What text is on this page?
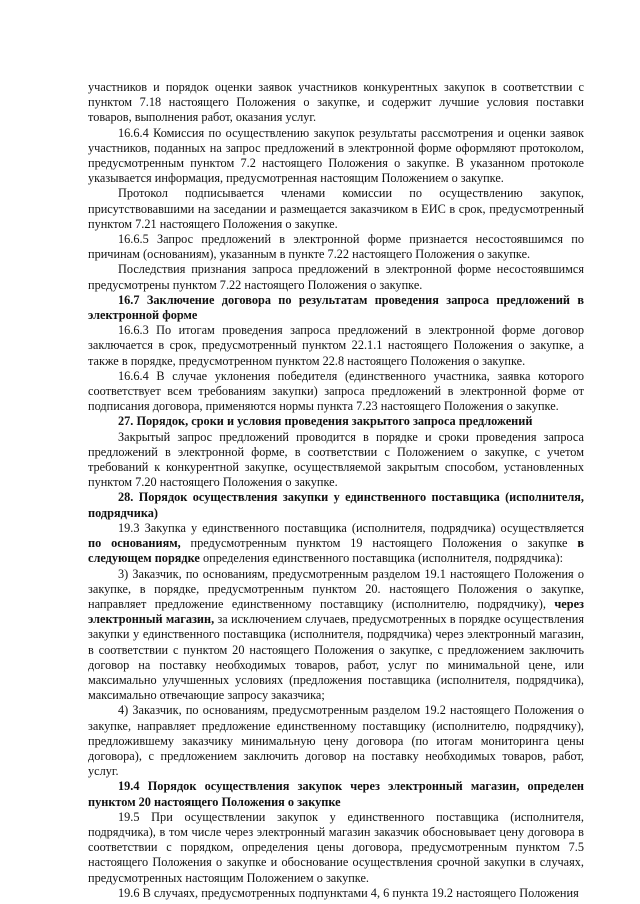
участников и порядок оценки заявок участников конкурентных закупок в соответствии с пунктом 7.18 настоящего Положения о закупке, и содержит лучшие условия поставки товаров, выполнения работ, оказания услуг.

16.6.4 Комиссия по осуществлению закупок результаты рассмотрения и оценки заявок участников, поданных на запрос предложений в электронной форме оформляют протоколом, предусмотренным пунктом 7.2 настоящего Положения о закупке. В указанном протоколе указывается информация, предусмотренная настоящим Положением о закупке.

Протокол подписывается членами комиссии по осуществлению закупок, присутствовавшими на заседании и размещается заказчиком в ЕИС в срок, предусмотренный пунктом 7.21 настоящего Положения о закупке.

16.6.5 Запрос предложений в электронной форме признается несостоявшимся по причинам (основаниям), указанным в пункте 7.22 настоящего Положения о закупке.

Последствия признания запроса предложений в электронной форме несостоявшимся предусмотрены пунктом 7.22 настоящего Положения о закупке.

16.7 Заключение договора по результатам проведения запроса предложений в электронной форме

16.6.3 По итогам проведения запроса предложений в электронной форме договор заключается в срок, предусмотренный пунктом 22.1.1 настоящего Положения о закупке, а также в порядке, предусмотренном пунктом 22.8 настоящего Положения о закупке.

16.6.4 В случае уклонения победителя (единственного участника, заявка которого соответствует всем требованиям закупки) запроса предложений в электронной форме от подписания договора, применяются нормы пункта 7.23 настоящего Положения о закупке.

27. Порядок, сроки и условия проведения закрытого запроса предложений

Закрытый запрос предложений проводится в порядке и сроки проведения запроса предложений в электронной форме, в соответствии с Положением о закупке, с учетом требований к конкурентной закупке, осуществляемой закрытым способом, установленных пунктом 7.20 настоящего Положения о закупке.

28. Порядок осуществления закупки у единственного поставщика (исполнителя, подрядчика)

19.3 Закупка у единственного поставщика (исполнителя, подрядчика) осуществляется по основаниям, предусмотренным пунктом 19 настоящего Положения о закупке в следующем порядке определения единственного поставщика (исполнителя, подрядчика):

3) Заказчик, по основаниям, предусмотренным разделом 19.1 настоящего Положения о закупке, в порядке, предусмотренным пунктом 20. настоящего Положения о закупке, направляет предложение единственному поставщику (исполнителю, подрядчику), через электронный магазин, за исключением случаев, предусмотренных в порядке осуществления закупки у единственного поставщика (исполнителя, подрядчика) через электронный магазин, в соответствии с пунктом 20 настоящего Положения о закупке, с предложением заключить договор на поставку необходимых товаров, работ, услуг по минимальной цене, или максимально улучшенных условиях (предложения поставщика (исполнителя, подрядчика), максимально отвечающие запросу заказчика;

4) Заказчик, по основаниям, предусмотренным разделом 19.2 настоящего Положения о закупке, направляет предложение единственному поставщику (исполнителю, подрядчику), предложившему заказчику минимальную цену договора (по итогам мониторинга цены договора), с предложением заключить договор на поставку необходимых товаров, работ, услуг.

19.4 Порядок осуществления закупок через электронный магазин, определен пунктом 20 настоящего Положения о закупке

19.5 При осуществлении закупок у единственного поставщика (исполнителя, подрядчика), в том числе через электронный магазин заказчик обосновывает цену договора в соответствии с порядком, определения цены договора, предусмотренным пунктом 7.5 настоящего Положения о закупке и обоснование осуществления срочной закупки в случаях, предусмотренных настоящим Положением о закупке.

19.6 В случаях, предусмотренных подпунктами 4, 6 пункта 19.2 настоящего Положения
